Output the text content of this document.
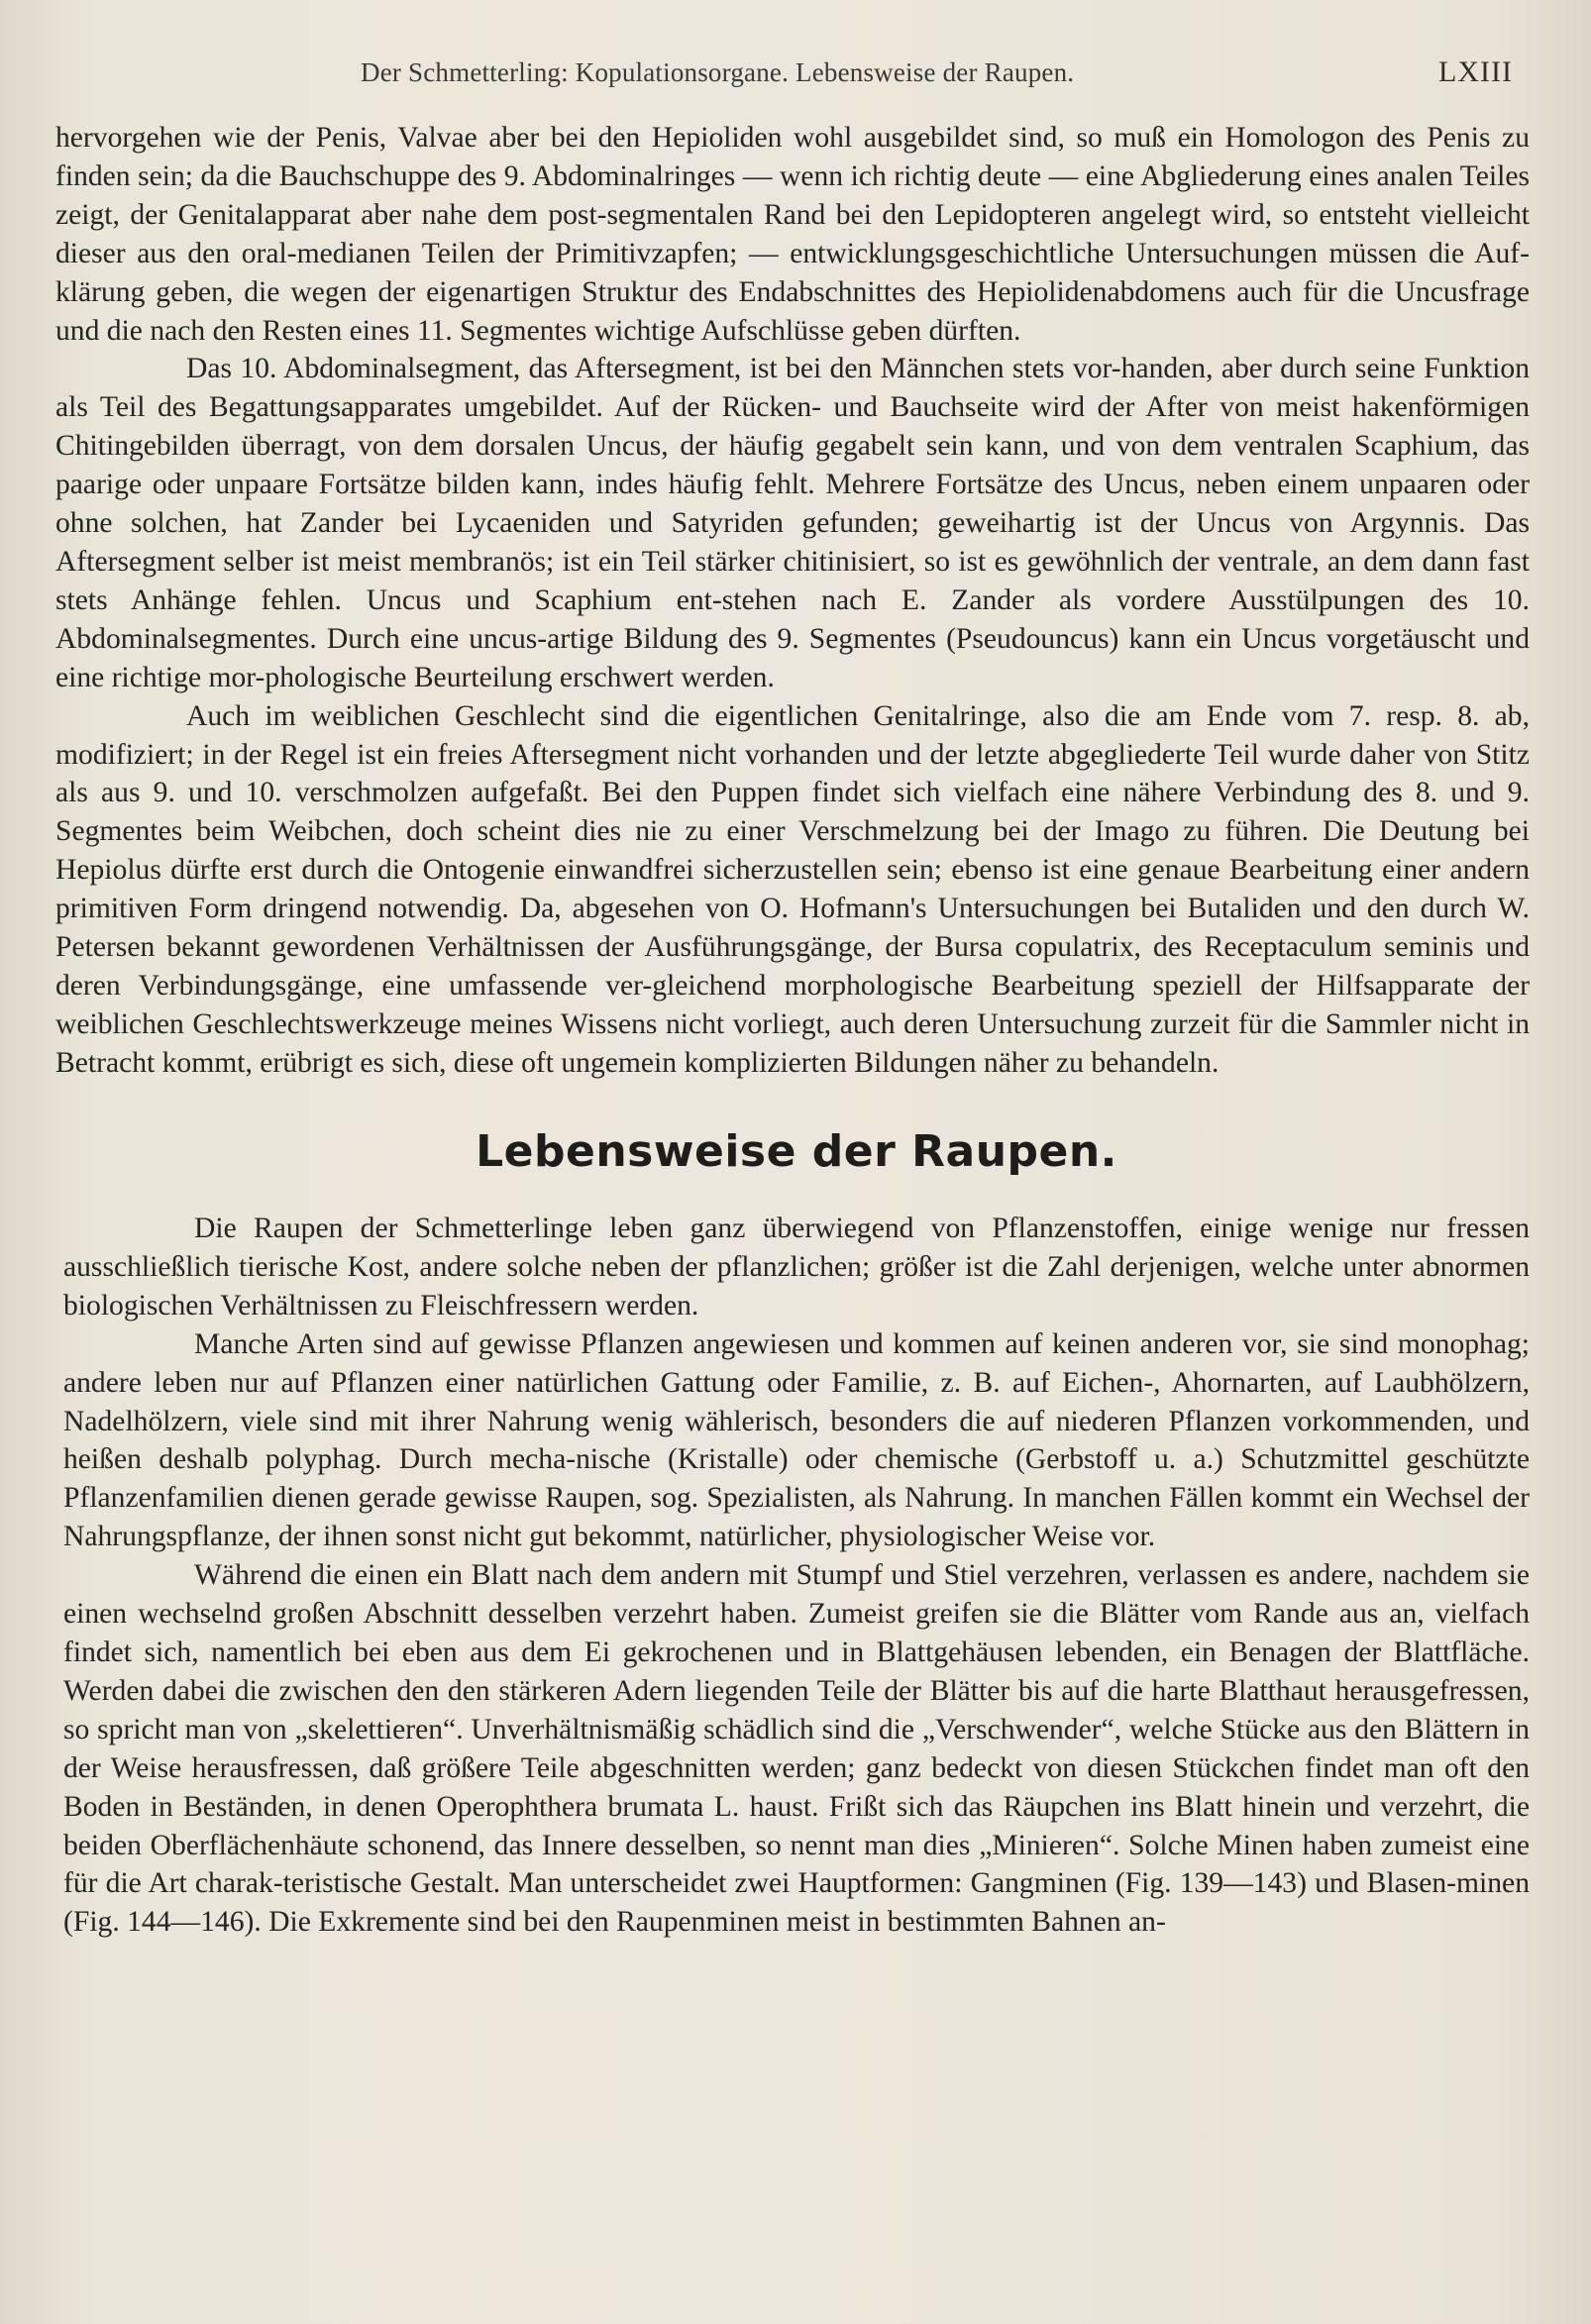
Der Schmetterling: Kopulationsorgane. Lebensweise der Raupen.	LXIII

hervorgehen wie der Penis, Valvae aber bei den Hepioliden wohl ausgebildet sind, so muß ein Homologon des Penis zu finden sein; da die Bauchschuppe des 9. Abdominalringes — wenn ich richtig deute — eine Abgliederung eines analen Teiles zeigt, der Genitalapparat aber nahe dem post-segmentalen Rand bei den Lepidopteren angelegt wird, so entsteht vielleicht dieser aus den oral-medianen Teilen der Primitivzapfen; — entwicklungsgeschichtliche Untersuchungen müssen die Auf-klärung geben, die wegen der eigenartigen Struktur des Endabschnittes des Hepiolidenabdomens auch für die Uncusfrage und die nach den Resten eines 11. Segmentes wichtige Aufschlüsse geben dürften.

Das 10. Abdominalsegment, das Aftersegment, ist bei den Männchen stets vor-handen, aber durch seine Funktion als Teil des Begattungsapparates umgebildet. Auf der Rücken- und Bauchseite wird der After von meist hakenförmigen Chitingebilden überragt, von dem dorsalen Uncus, der häufig gegabelt sein kann, und von dem ventralen Scaphium, das paarige oder unpaare Fortsätze bilden kann, indes häufig fehlt. Mehrere Fortsätze des Uncus, neben einem unpaaren oder ohne solchen, hat Zander bei Lycaeniden und Satyriden gefunden; geweihartig ist der Uncus von Argynnis. Das Aftersegment selber ist meist membranös; ist ein Teil stärker chitinisiert, so ist es gewöhnlich der ventrale, an dem dann fast stets Anhänge fehlen. Uncus und Scaphium ent-stehen nach E. Zander als vordere Ausstülpungen des 10. Abdominalsegmentes. Durch eine uncus-artige Bildung des 9. Segmentes (Pseudouncus) kann ein Uncus vorgetäuscht und eine richtige mor-phologische Beurteilung erschwert werden.

Auch im weiblichen Geschlecht sind die eigentlichen Genitalringe, also die am Ende vom 7. resp. 8. ab, modifiziert; in der Regel ist ein freies Aftersegment nicht vorhanden und der letzte abgegliederte Teil wurde daher von Stitz als aus 9. und 10. verschmolzen aufgefaßt. Bei den Puppen findet sich vielfach eine nähere Verbindung des 8. und 9. Segmentes beim Weibchen, doch scheint dies nie zu einer Verschmelzung bei der Imago zu führen. Die Deutung bei Hepiolus dürfte erst durch die Ontogenie einwandfrei sicherzustellen sein; ebenso ist eine genaue Bearbeitung einer andern primitiven Form dringend notwendig. Da, abgesehen von O. Hofmann's Untersuchungen bei Butaliden und den durch W. Petersen bekannt gewordenen Verhältnissen der Ausführungsgänge, der Bursa copulatrix, des Receptaculum seminis und deren Verbindungsgänge, eine umfassende ver-gleichend morphologische Bearbeitung speziell der Hilfsapparate der weiblichen Geschlechtswerkzeuge meines Wissens nicht vorliegt, auch deren Untersuchung zurzeit für die Sammler nicht in Betracht kommt, erübrigt es sich, diese oft ungemein komplizierten Bildungen näher zu behandeln.

Lebensweise der Raupen.

Die Raupen der Schmetterlinge leben ganz überwiegend von Pflanzenstoffen, einige wenige nur fressen ausschließlich tierische Kost, andere solche neben der pflanzlichen; größer ist die Zahl derjenigen, welche unter abnormen biologischen Verhältnissen zu Fleischfressern werden.

Manche Arten sind auf gewisse Pflanzen angewiesen und kommen auf keinen anderen vor, sie sind monophag; andere leben nur auf Pflanzen einer natürlichen Gattung oder Familie, z. B. auf Eichen-, Ahornarten, auf Laubhölzern, Nadelhölzern, viele sind mit ihrer Nahrung wenig wählerisch, besonders die auf niederen Pflanzen vorkommenden, und heißen deshalb polyphag. Durch mecha-nische (Kristalle) oder chemische (Gerbstoff u. a.) Schutzmittel geschützte Pflanzenfamilien dienen gerade gewisse Raupen, sog. Spezialisten, als Nahrung. In manchen Fällen kommt ein Wechsel der Nahrungspflanze, der ihnen sonst nicht gut bekommt, natürlicher, physiologischer Weise vor.

Während die einen ein Blatt nach dem andern mit Stumpf und Stiel verzehren, verlassen es andere, nachdem sie einen wechselnd großen Abschnitt desselben verzehrt haben. Zumeist greifen sie die Blätter vom Rande aus an, vielfach findet sich, namentlich bei eben aus dem Ei gekrochenen und in Blattgehäusen lebenden, ein Benagen der Blattfläche. Werden dabei die zwischen den den stärkeren Adern liegenden Teile der Blätter bis auf die harte Blatthaut herausgefressen, so spricht man von „skelettieren“. Unverhältnismäßig schädlich sind die „Verschwender“, welche Stücke aus den Blättern in der Weise herausfressen, daß größere Teile abgeschnitten werden; ganz bedeckt von diesen Stückchen findet man oft den Boden in Beständen, in denen Operophthera brumata L. haust. Frißt sich das Räupchen ins Blatt hinein und verzehrt, die beiden Oberflächenhäute schonend, das Innere desselben, so nennt man dies „Minieren“. Solche Minen haben zumeist eine für die Art charak-teristische Gestalt. Man unterscheidet zwei Hauptformen: Gangminen (Fig. 139—143) und Blasen-minen (Fig. 144—146). Die Exkremente sind bei den Raupenminen meist in bestimmten Bahnen an-
